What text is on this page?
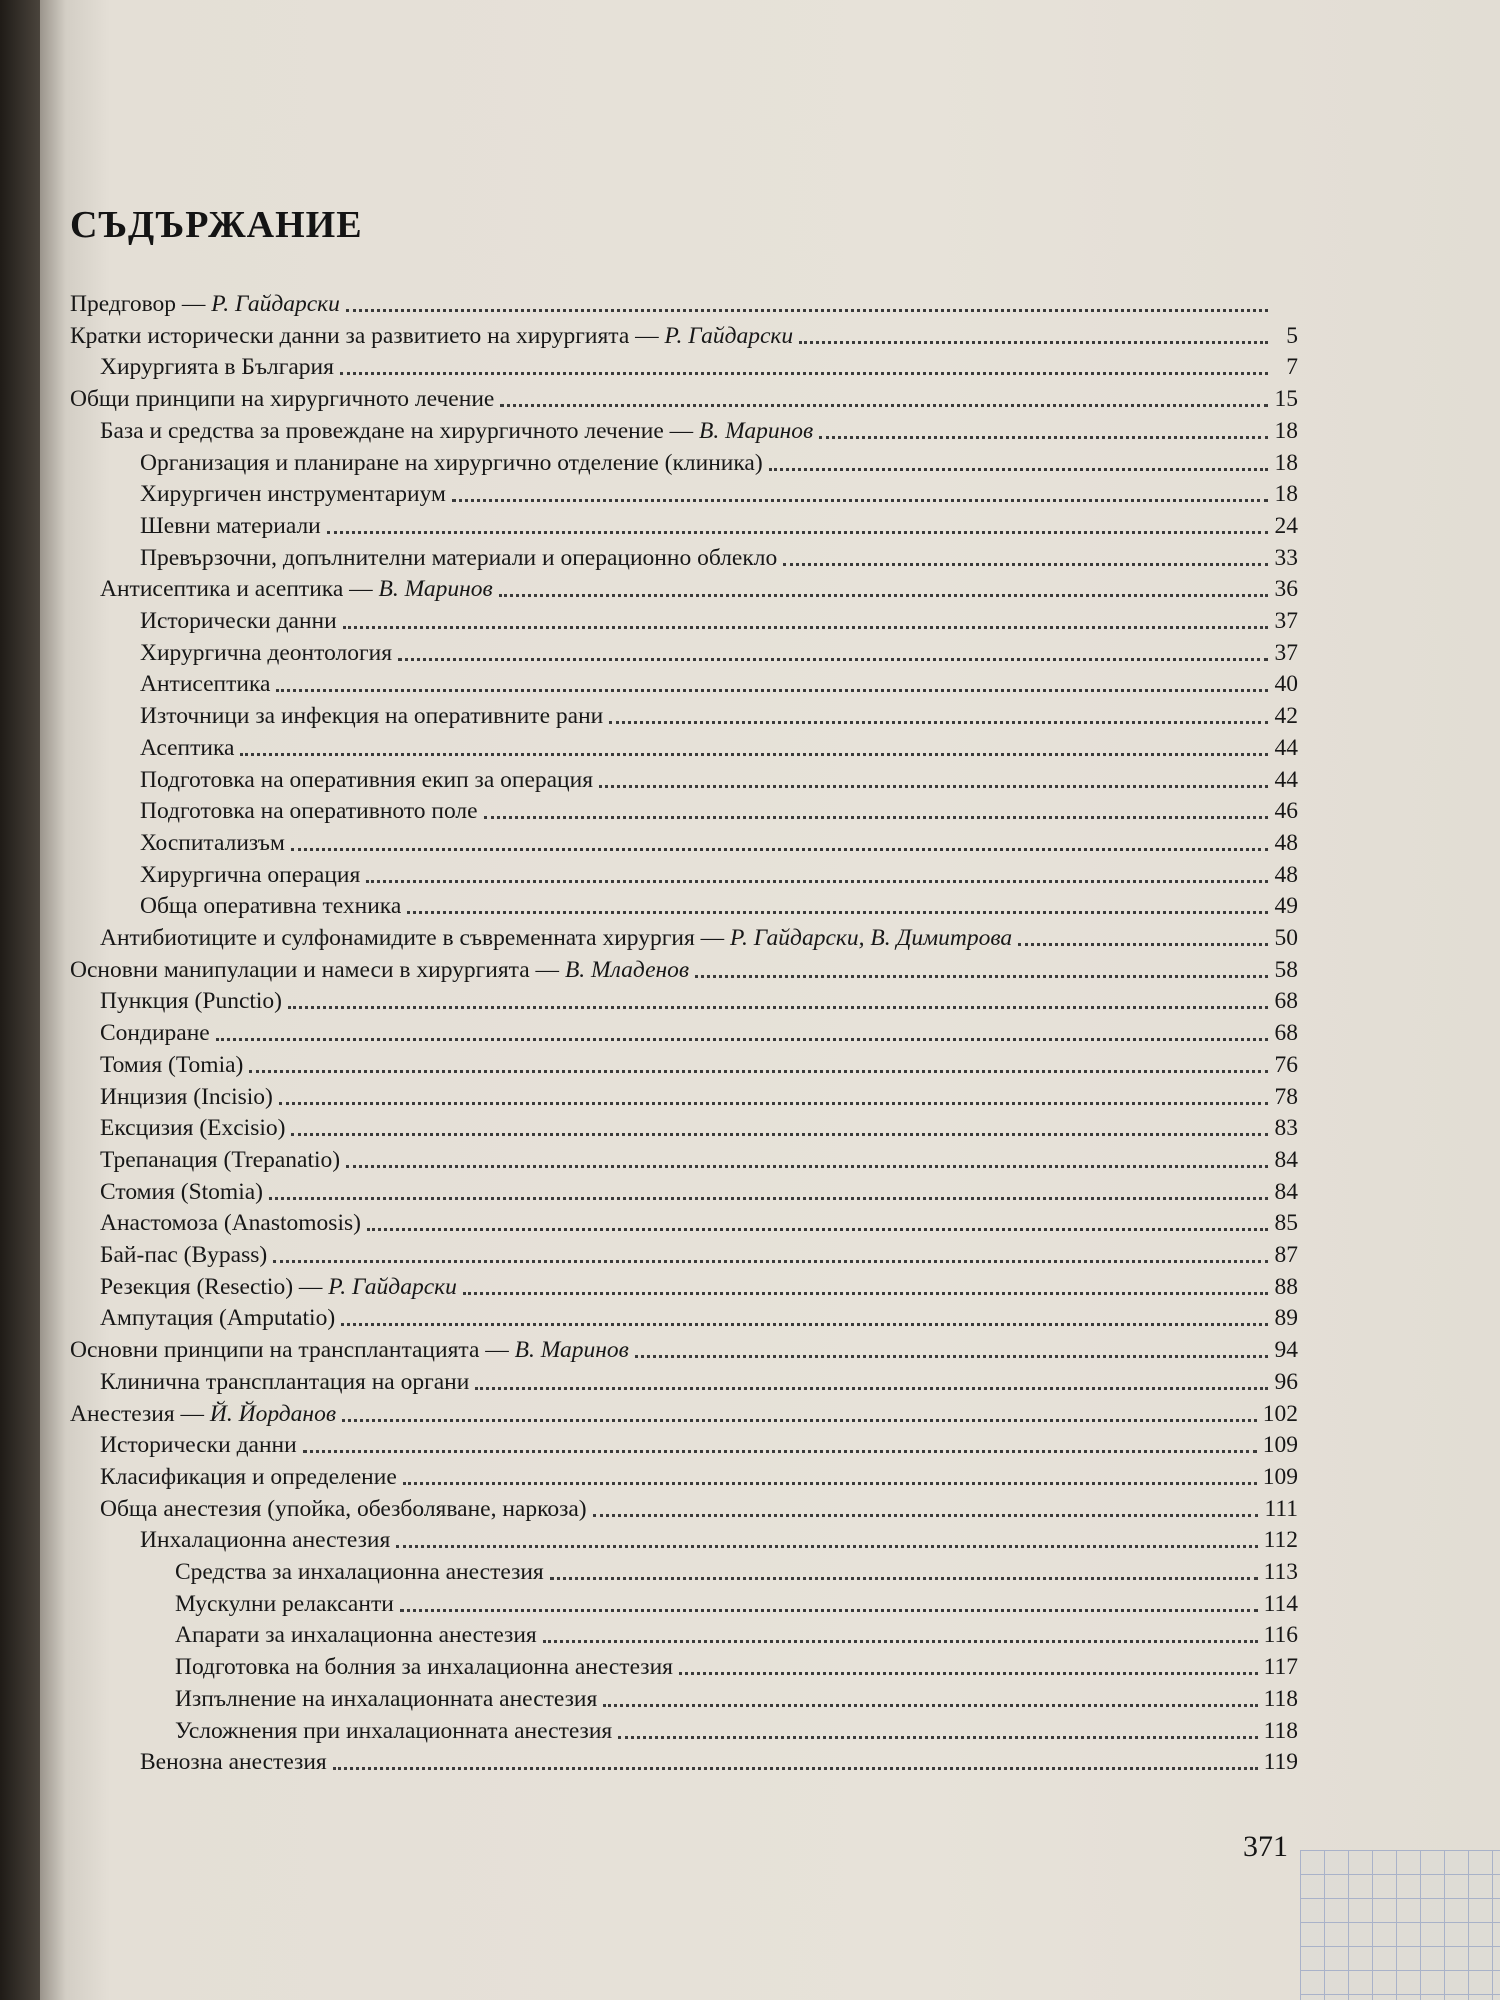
СЪДЪРЖАНИЕ
Предговор — Р. Гайдарски
Кратки исторически данни за развитието на хирургията — Р. Гайдарски	5
Хирургията в България	7
Общи принципи на хирургичното лечение	15
База и средства за провеждане на хирургичното лечение — В. Маринов	18
Организация и планиране на хирургично отделение (клиника)	18
Хирургичен инструментариум	18
Шевни материали	24
Превързочни, допълнителни материали и операционно облекло	33
Антисептика и асептика — В. Маринов	36
Исторически данни	37
Хирургична деонтология	37
Антисептика	40
Източници за инфекция на оперативните рани	42
Асептика	44
Подготовка на оперативния екип за операция	44
Подготовка на оперативното поле	46
Хоспитализъм	48
Хирургична операция	48
Обща оперативна техника	49
Антибиотиците и сулфонамидите в съвременната хирургия — Р. Гайдарски, В. Димитрова	50
Основни манипулации и намеси в хирургията — В. Младенов	58
Пункция (Punctio)	68
Сондиране	68
Томия (Tomia)	76
Инцизия (Incisio)	78
Ексцизия (Excisio)	83
Трепанация (Trepanatio)	84
Стомия (Stomia)	84
Анастомоза (Anastomosis)	85
Бай-пас (Bypass)	87
Резекция (Resectio) — Р. Гайдарски	88
Ампутация (Amputatio)	89
Основни принципи на трансплантацията — В. Маринов	94
Клинична трансплантация на органи	96
Анестезия — Й. Йорданов	102
Исторически данни	109
Класификация и определение	109
Обща анестезия (упойка, обезболяване, наркоза)	111
Инхалационна анестезия	112
Средства за инхалационна анестезия	113
Мускулни релаксанти	114
Апарати за инхалационна анестезия	116
Подготовка на болния за инхалационна анестезия	117
Изпълнение на инхалационната анестезия	118
Усложнения при инхалационната анестезия	118
Венозна анестезия	119
371
